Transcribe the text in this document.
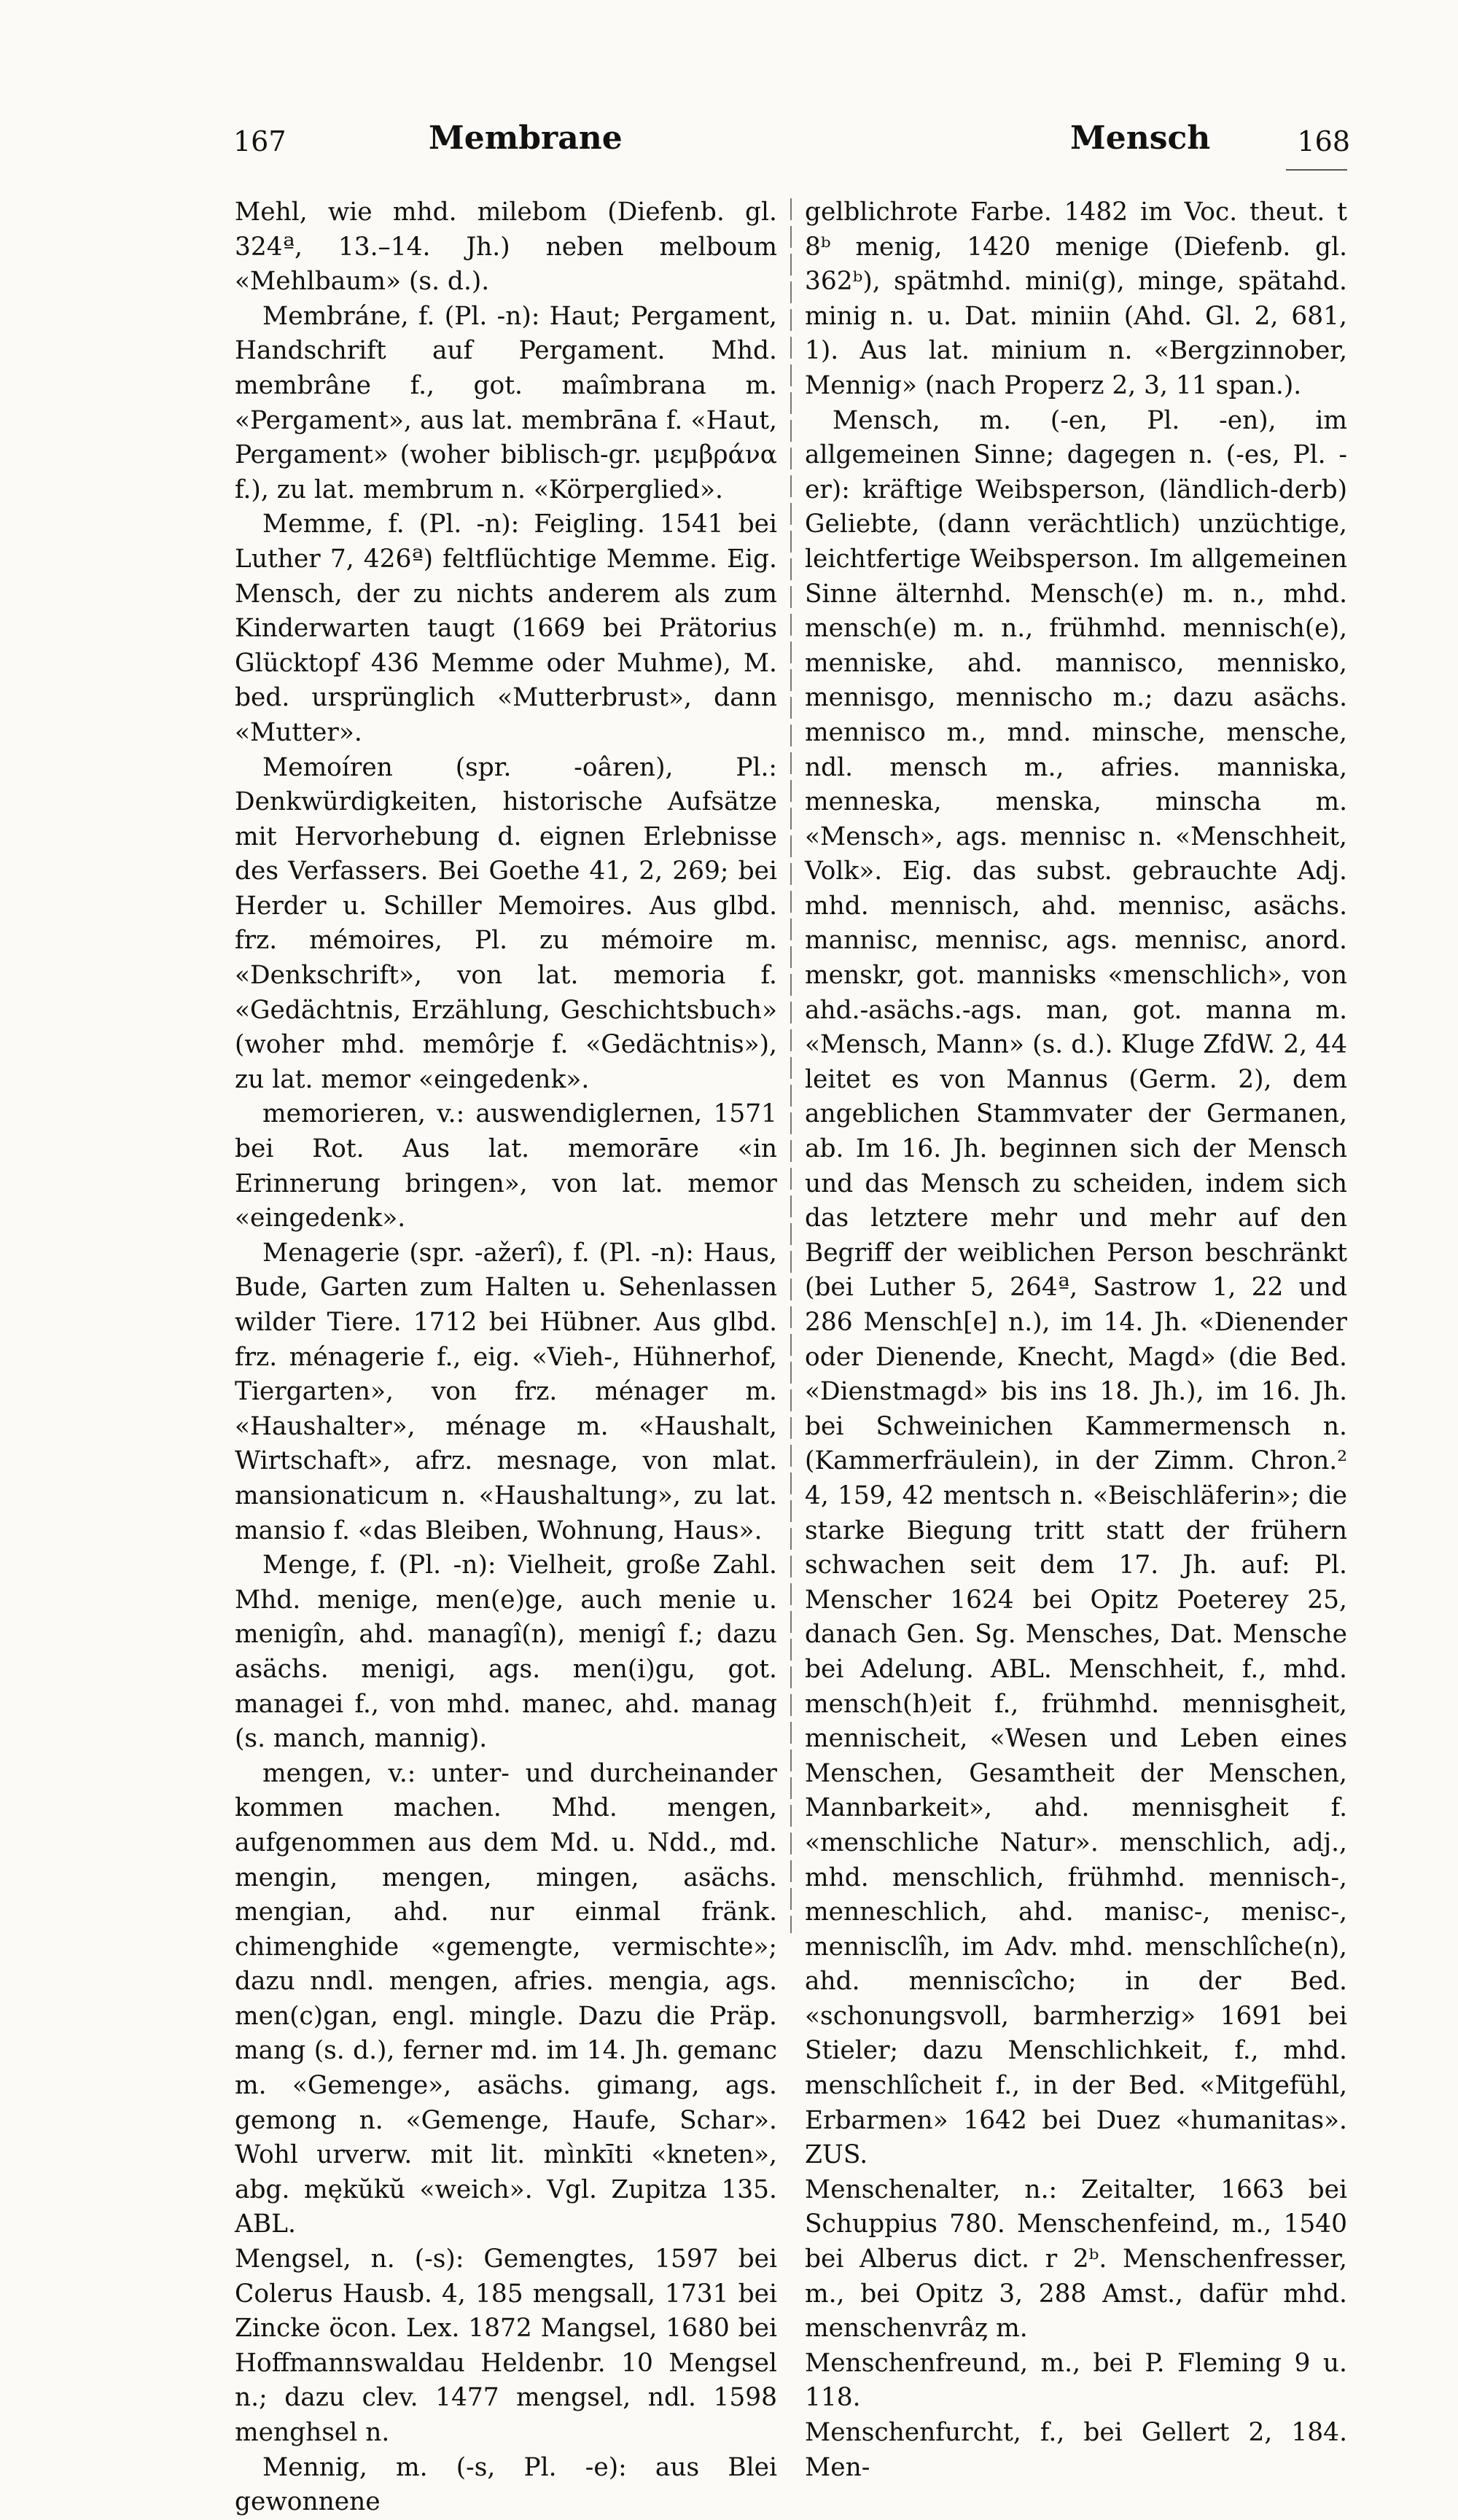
167	Membrane	Mensch	168

Mehl, wie mhd. milebom (Diefenb. gl. 324ª, 13.–14. Jh.) neben melboum «Mehlbaum» (s. d.).

Membráne, f. (Pl. -n): Haut; Pergament, Handschrift auf Pergament. Mhd. membrâne f., got. maîmbrana m. «Pergament», aus lat. membrāna f. «Haut, Pergament» (woher biblisch-gr. μεμβράνα f.), zu lat. membrum n. «Körperglied».

Memme, f. (Pl. -n): Feigling. 1541 bei Luther 7, 426ª) feltflüchtige Memme. Eig. Mensch, der zu nichts anderem als zum Kinderwarten taugt (1669 bei Prätorius Glücktopf 436 Memme oder Muhme), M. bed. ursprünglich «Mutterbrust», dann «Mutter».

Memoíren (spr. -oâren), Pl.: Denkwürdigkeiten, historische Aufsätze mit Hervorhebung d. eignen Erlebnisse des Verfassers. Bei Goethe 41, 2, 269; bei Herder u. Schiller Memoires. Aus glbd. frz. mémoires, Pl. zu mémoire m. «Denkschrift», von lat. memoria f. «Gedächtnis, Erzählung, Geschichtsbuch» (woher mhd. memôrje f. «Gedächtnis»), zu lat. memor «eingedenk».

memorieren, v.: auswendiglernen, 1571 bei Rot. Aus lat. memorāre «in Erinnerung bringen», von lat. memor «eingedenk».

Menagerie (spr. -ažerî), f. (Pl. -n): Haus, Bude, Garten zum Halten u. Sehenlassen wilder Tiere. 1712 bei Hübner. Aus glbd. frz. ménagerie f., eig. «Vieh-, Hühnerhof, Tiergarten», von frz. ménager m. «Haushalter», ménage m. «Haushalt, Wirtschaft», afrz. mesnage, von mlat. mansionaticum n. «Haushaltung», zu lat. mansio f. «das Bleiben, Wohnung, Haus».

Menge, f. (Pl. -n): Vielheit, große Zahl. Mhd. menige, men(e)ge, auch menie u. menigîn, ahd. managî(n), menigî f.; dazu asächs. menigi, ags. men(i)gu, got. managei f., von mhd. manec, ahd. manag (s. manch, mannig).

mengen, v.: unter- und durcheinander kommen machen. Mhd. mengen, aufgenommen aus dem Md. u. Ndd., md. mengin, mengen, mingen, asächs. mengian, ahd. nur einmal fränk. chimenghide «gemengte, vermischte»; dazu nndl. mengen, afries. mengia, ags. men(c)gan, engl. mingle. Dazu die Präp. mang (s. d.), ferner md. im 14. Jh. gemanc m. «Gemenge», asächs. gimang, ags. gemong n. «Gemenge, Haufe, Schar». Wohl urverw. mit lit. mìnkīti «kneten», abg. mękŭkŭ «weich». Vgl. Zupitza 135. ABL.

Mengsel, n. (-s): Gemengtes, 1597 bei Colerus Hausb. 4, 185 mengsall, 1731 bei Zincke öcon. Lex. 1872 Mangsel, 1680 bei Hoffmannswaldau Heldenbr. 10 Mengsel n.; dazu clev. 1477 mengsel, ndl. 1598 menghsel n.

Mennig, m. (-s, Pl. -e): aus Blei gewonnene

gelblichrote Farbe. 1482 im Voc. theut. t 8ᵇ menig, 1420 menige (Diefenb. gl. 362ᵇ), spätmhd. mini(g), minge, spätahd. minig n. u. Dat. miniin (Ahd. Gl. 2, 681, 1). Aus lat. minium n. «Bergzinnober, Mennig» (nach Properz 2, 3, 11 span.).

Mensch, m. (-en, Pl. -en), im allgemeinen Sinne; dagegen n. (-es, Pl. -er): kräftige Weibsperson, (ländlich-derb) Geliebte, (dann verächtlich) unzüchtige, leichtfertige Weibsperson. Im allgemeinen Sinne älternhd. Mensch(e) m. n., mhd. mensch(e) m. n., frühmhd. mennisch(e), menniske, ahd. mannisco, mennisko, mennisgo, mennischo m.; dazu asächs. mennisco m., mnd. minsche, mensche, ndl. mensch m., afries. manniska, menneska, menska, minscha m. «Mensch», ags. mennisc n. «Menschheit, Volk». Eig. das subst. gebrauchte Adj. mhd. mennisch, ahd. mennisc, asächs. mannisc, mennisc, ags. mennisc, anord. menskr, got. mannisks «menschlich», von ahd.-asächs.-ags. man, got. manna m. «Mensch, Mann» (s. d.). Kluge ZfdW. 2, 44 leitet es von Mannus (Germ. 2), dem angeblichen Stammvater der Germanen, ab. Im 16. Jh. beginnen sich der Mensch und das Mensch zu scheiden, indem sich das letztere mehr und mehr auf den Begriff der weiblichen Person beschränkt (bei Luther 5, 264ª, Sastrow 1, 22 und 286 Mensch[e] n.), im 14. Jh. «Dienender oder Dienende, Knecht, Magd» (die Bed. «Dienstmagd» bis ins 18. Jh.), im 16. Jh. bei Schweinichen Kammermensch n. (Kammerfräulein), in der Zimm. Chron.² 4, 159, 42 mentsch n. «Beischläferin»; die starke Biegung tritt statt der frühern schwachen seit dem 17. Jh. auf: Pl. Menscher 1624 bei Opitz Poeterey 25, danach Gen. Sg. Mensches, Dat. Mensche bei Adelung. ABL. Menschheit, f., mhd. mensch(h)eit f., frühmhd. mennisgheit, mennischeit, «Wesen und Leben eines Menschen, Gesamtheit der Menschen, Mannbarkeit», ahd. mennisgheit f. «menschliche Natur». menschlich, adj., mhd. menschlich, frühmhd. mennisch-, menneschlich, ahd. manisc-, menisc-, mennisclîh, im Adv. mhd. menschlîche(n), ahd. menniscîcho; in der Bed. «schonungsvoll, barmherzig» 1691 bei Stieler; dazu Menschlichkeit, f., mhd. menschlîcheit f., in der Bed. «Mitgefühl, Erbarmen» 1642 bei Duez «humanitas». ZUS.

Menschenalter, n.: Zeitalter, 1663 bei Schuppius 780. Menschenfeind, m., 1540 bei Alberus dict. r 2ᵇ. Menschenfresser, m., bei Opitz 3, 288 Amst., dafür mhd. menschenvrâȥ m.

Menschenfreund, m., bei P. Fleming 9 u. 118.

Menschenfurcht, f., bei Gellert 2, 184. Men-
